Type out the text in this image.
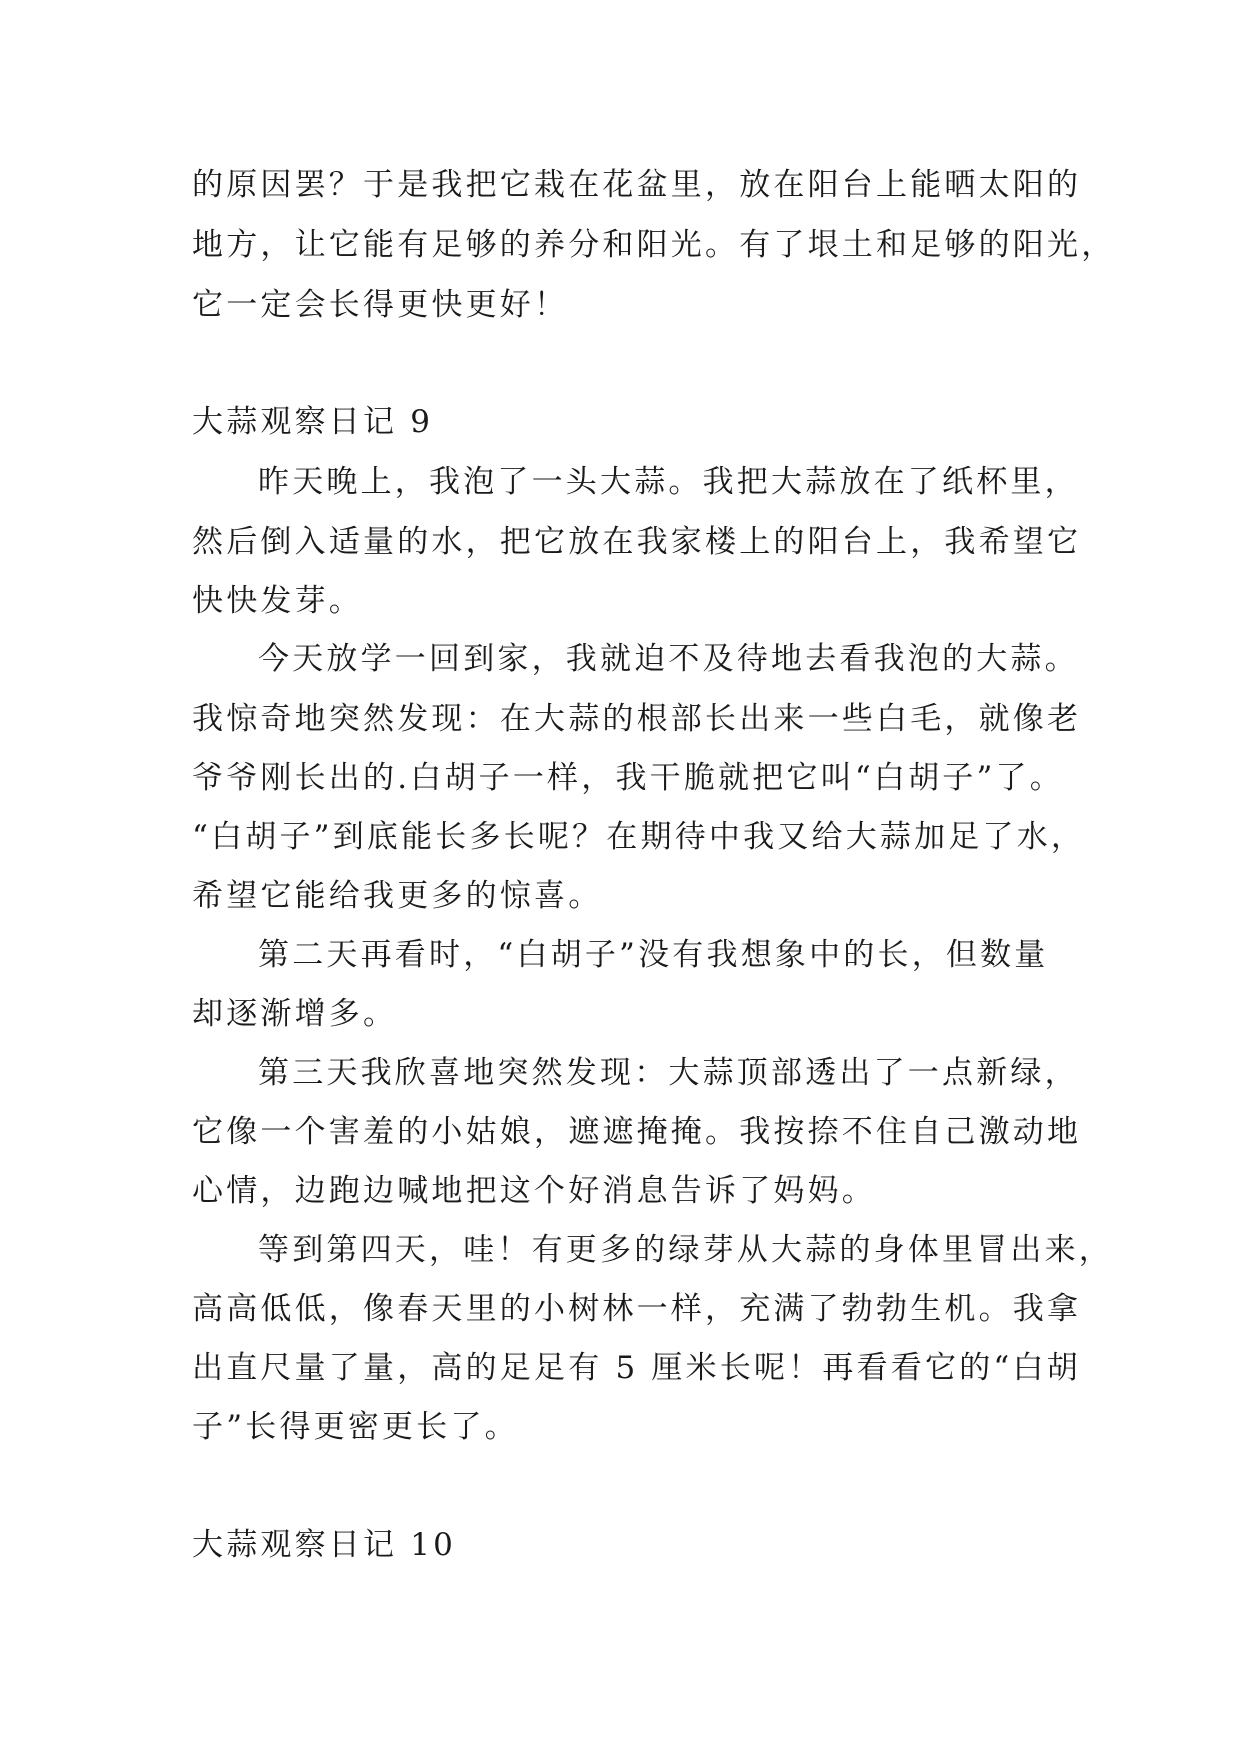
的原因罢？于是我把它栽在花盆里，放在阳台上能晒太阳的
地方，让它能有足够的养分和阳光。有了垠土和足够的阳光，
它一定会长得更快更好！
大蒜观察日记 9
昨天晚上，我泡了一头大蒜。我把大蒜放在了纸杯里，
然后倒入适量的水，把它放在我家楼上的阳台上，我希望它
快快发芽。
今天放学一回到家，我就迫不及待地去看我泡的大蒜。
我惊奇地突然发现：在大蒜的根部长出来一些白毛，就像老
爷爷刚长出的.白胡子一样，我干脆就把它叫“白胡子”了。
“白胡子”到底能长多长呢？在期待中我又给大蒜加足了水，
希望它能给我更多的惊喜。
第二天再看时，“白胡子”没有我想象中的长，但数量
却逐渐增多。
第三天我欣喜地突然发现：大蒜顶部透出了一点新绿，
它像一个害羞的小姑娘，遮遮掩掩。我按捺不住自己激动地
心情，边跑边喊地把这个好消息告诉了妈妈。
等到第四天，哇！有更多的绿芽从大蒜的身体里冒出来，
高高低低，像春天里的小树林一样，充满了勃勃生机。我拿
出直尺量了量，高的足足有 5 厘米长呢！再看看它的“白胡
子”长得更密更长了。
大蒜观察日记 10
